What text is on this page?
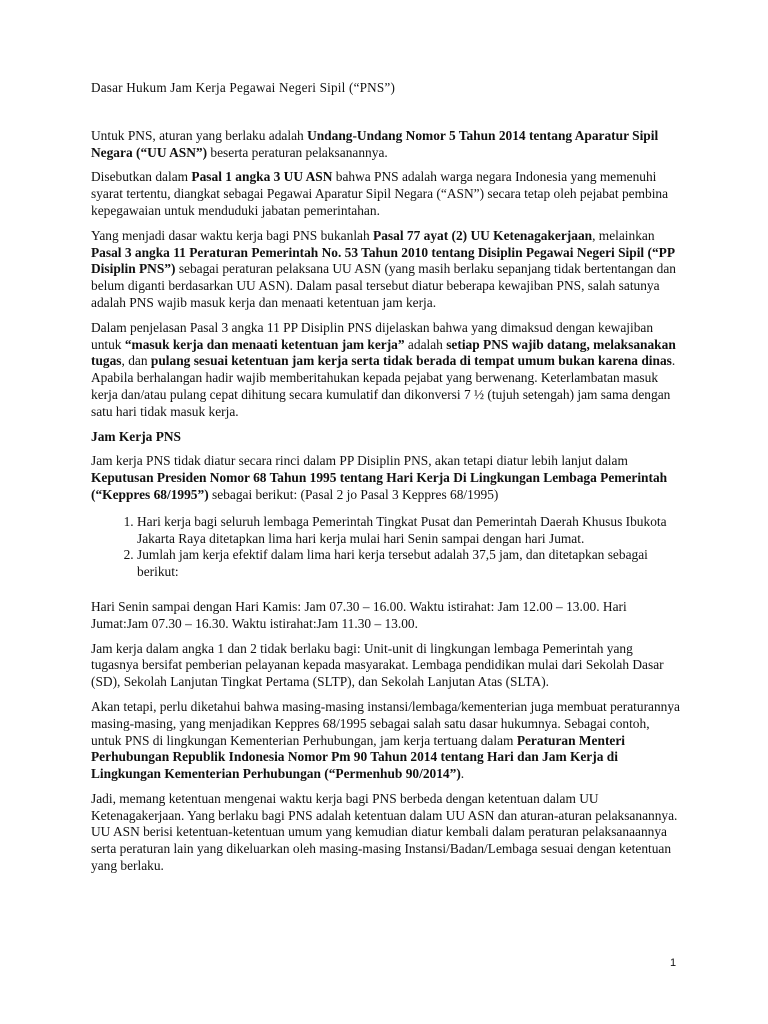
Dasar Hukum Jam Kerja Pegawai Negeri Sipil (“PNS”)

Untuk PNS, aturan yang berlaku adalah Undang-Undang Nomor 5 Tahun 2014 tentang Aparatur Sipil Negara (“UU ASN”) beserta peraturan pelaksanannya.

Disebutkan dalam Pasal 1 angka 3 UU ASN bahwa PNS adalah warga negara Indonesia yang memenuhi syarat tertentu, diangkat sebagai Pegawai Aparatur Sipil Negara (“ASN”) secara tetap oleh pejabat pembina kepegawaian untuk menduduki jabatan pemerintahan.

Yang menjadi dasar waktu kerja bagi PNS bukanlah Pasal 77 ayat (2) UU Ketenagakerjaan, melainkan Pasal 3 angka 11 Peraturan Pemerintah No. 53 Tahun 2010 tentang Disiplin Pegawai Negeri Sipil (“PP Disiplin PNS”) sebagai peraturan pelaksana UU ASN (yang masih berlaku sepanjang tidak bertentangan dan belum diganti berdasarkan UU ASN). Dalam pasal tersebut diatur beberapa kewajiban PNS, salah satunya adalah PNS wajib masuk kerja dan menaati ketentuan jam kerja.

Dalam penjelasan Pasal 3 angka 11 PP Disiplin PNS dijelaskan bahwa yang dimaksud dengan kewajiban untuk “masuk kerja dan menaati ketentuan jam kerja” adalah setiap PNS wajib datang, melaksanakan tugas, dan pulang sesuai ketentuan jam kerja serta tidak berada di tempat umum bukan karena dinas. Apabila berhalangan hadir wajib memberitahukan kepada pejabat yang berwenang. Keterlambatan masuk kerja dan/atau pulang cepat dihitung secara kumulatif dan dikonversi 7 ½ (tujuh setengah) jam sama dengan satu hari tidak masuk kerja.

Jam Kerja PNS

Jam kerja PNS tidak diatur secara rinci dalam PP Disiplin PNS, akan tetapi diatur lebih lanjut dalam Keputusan Presiden Nomor 68 Tahun 1995 tentang Hari Kerja Di Lingkungan Lembaga Pemerintah (“Keppres 68/1995”) sebagai berikut: (Pasal 2 jo Pasal 3 Keppres 68/1995)

1. Hari kerja bagi seluruh lembaga Pemerintah Tingkat Pusat dan Pemerintah Daerah Khusus Ibukota Jakarta Raya ditetapkan lima hari kerja mulai hari Senin sampai dengan hari Jumat.
2. Jumlah jam kerja efektif dalam lima hari kerja tersebut adalah 37,5 jam, dan ditetapkan sebagai berikut:

Hari Senin sampai dengan Hari Kamis: Jam 07.30 – 16.00. Waktu istirahat: Jam 12.00 – 13.00. Hari Jumat:Jam 07.30 – 16.30. Waktu istirahat:Jam 11.30 – 13.00.

Jam kerja dalam angka 1 dan 2 tidak berlaku bagi: Unit-unit di lingkungan lembaga Pemerintah yang tugasnya bersifat pemberian pelayanan kepada masyarakat. Lembaga pendidikan mulai dari Sekolah Dasar (SD), Sekolah Lanjutan Tingkat Pertama (SLTP), dan Sekolah Lanjutan Atas (SLTA).

Akan tetapi, perlu diketahui bahwa masing-masing instansi/lembaga/kementerian juga membuat peraturannya masing-masing, yang menjadikan Keppres 68/1995 sebagai salah satu dasar hukumnya. Sebagai contoh, untuk PNS di lingkungan Kementerian Perhubungan, jam kerja tertuang dalam Peraturan Menteri Perhubungan Republik Indonesia Nomor Pm 90 Tahun 2014 tentang Hari dan Jam Kerja di Lingkungan Kementerian Perhubungan (“Permenhub 90/2014”).

Jadi, memang ketentuan mengenai waktu kerja bagi PNS berbeda dengan ketentuan dalam UU Ketenagakerjaan. Yang berlaku bagi PNS adalah ketentuan dalam UU ASN dan aturan-aturan pelaksanannya. UU ASN berisi ketentuan-ketentuan umum yang kemudian diatur kembali dalam peraturan pelaksanaannya serta peraturan lain yang dikeluarkan oleh masing-masing Instansi/Badan/Lembaga sesuai dengan ketentuan yang berlaku.

1
